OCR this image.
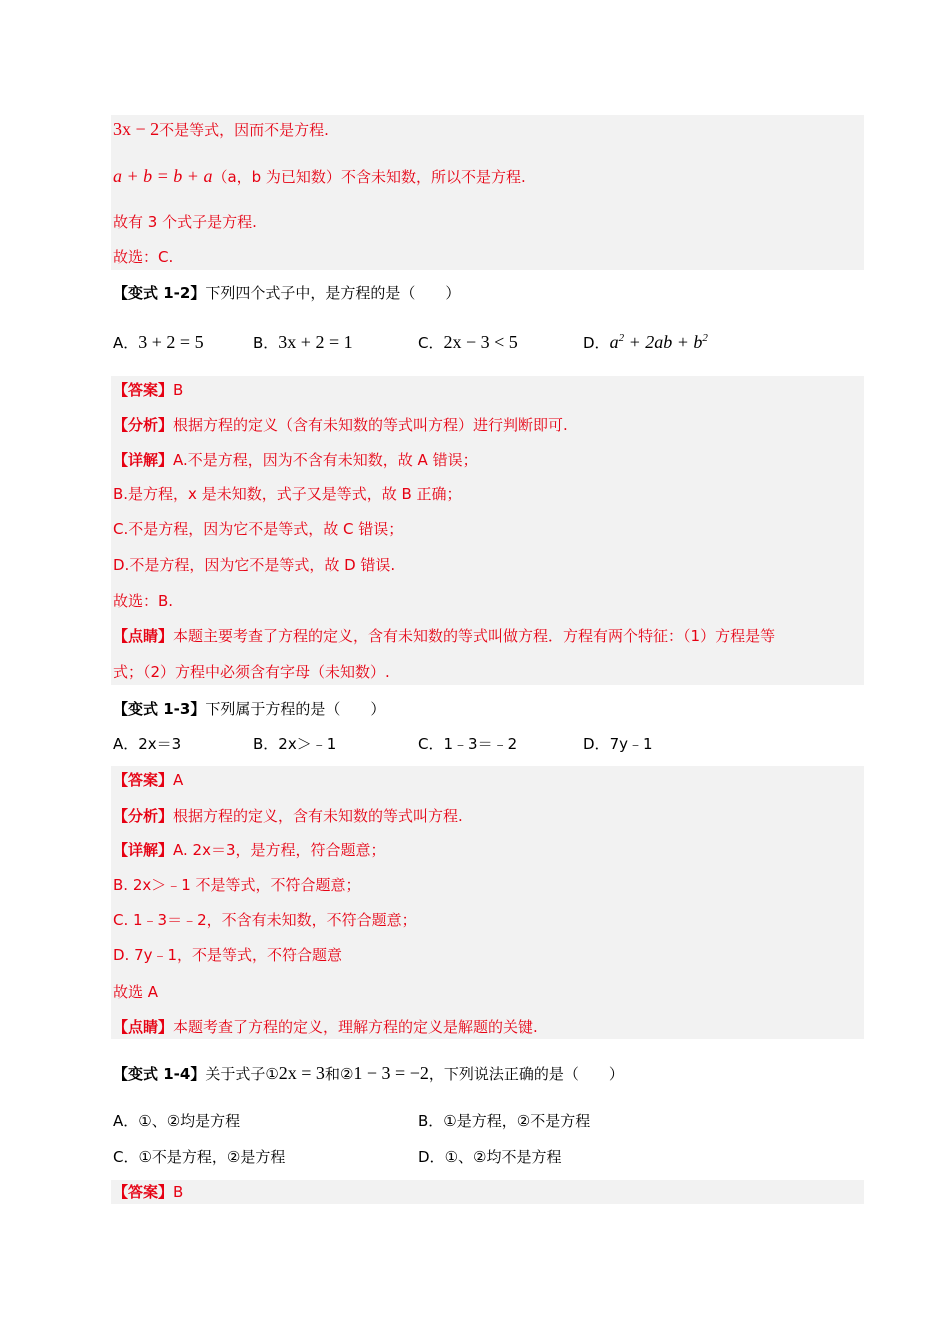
3x − 2不是等式，因而不是方程.
a + b = b + a（a，b 为已知数）不含未知数，所以不是方程.
故有 3 个式子是方程.
故选：C.
【变式 1-2】下列四个式子中，是方程的是（　　）
A．3 + 2 = 5	B．3x + 2 = 1	C．2x − 3 < 5	D．$a^2 + 2ab + b^2$
【答案】B
【分析】根据方程的定义（含有未知数的等式叫方程）进行判断即可.
【详解】A.不是方程，因为不含有未知数，故 A 错误；
B.是方程，x 是未知数，式子又是等式，故 B 正确；
C.不是方程，因为它不是等式，故 C 错误；
D.不是方程，因为它不是等式，故 D 错误.
故选：B.
【点睛】本题主要考查了方程的定义，含有未知数的等式叫做方程．方程有两个特征：（1）方程是等
式；（2）方程中必须含有字母（未知数）.
【变式 1-3】下列属于方程的是（　　）
A．2x＝3	B．2x＞﹣1	C．1﹣3＝﹣2	D．7y﹣1
【答案】A
【分析】根据方程的定义，含有未知数的等式叫方程.
【详解】A. 2x＝3，是方程，符合题意；
B. 2x＞﹣1 不是等式，不符合题意；
C. 1﹣3＝﹣2，不含有未知数，不符合题意；
D. 7y﹣1，不是等式，不符合题意
故选 A
【点睛】本题考查了方程的定义，理解方程的定义是解题的关键.
【变式 1-4】关于式子①2x = 3和②1 − 3 = −2，下列说法正确的是（　　）
A．①、②均是方程	B．①是方程，②不是方程
C．①不是方程，②是方程	D．①、②均不是方程
【答案】B
